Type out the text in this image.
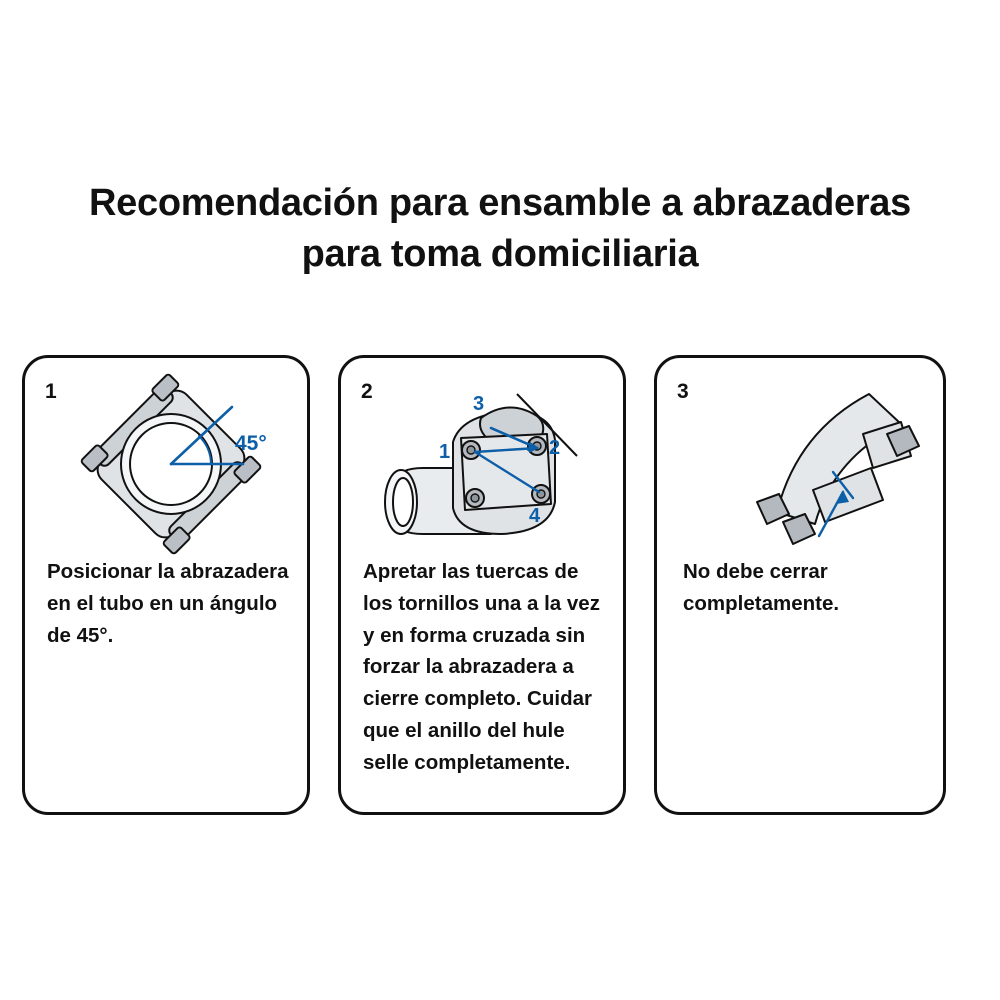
Recomendación para ensamble a abrazaderas
para toma domiciliaria
1
45°
Posicionar la abrazadera en el tubo en un ángulo de 45°.
2
1	2
3
4
Apretar las tuercas de los tornillos una a la vez y en forma cruzada sin forzar la abrazadera a cierre completo. Cuidar que el anillo del hule selle completamente.
3
No debe cerrar completamente.
